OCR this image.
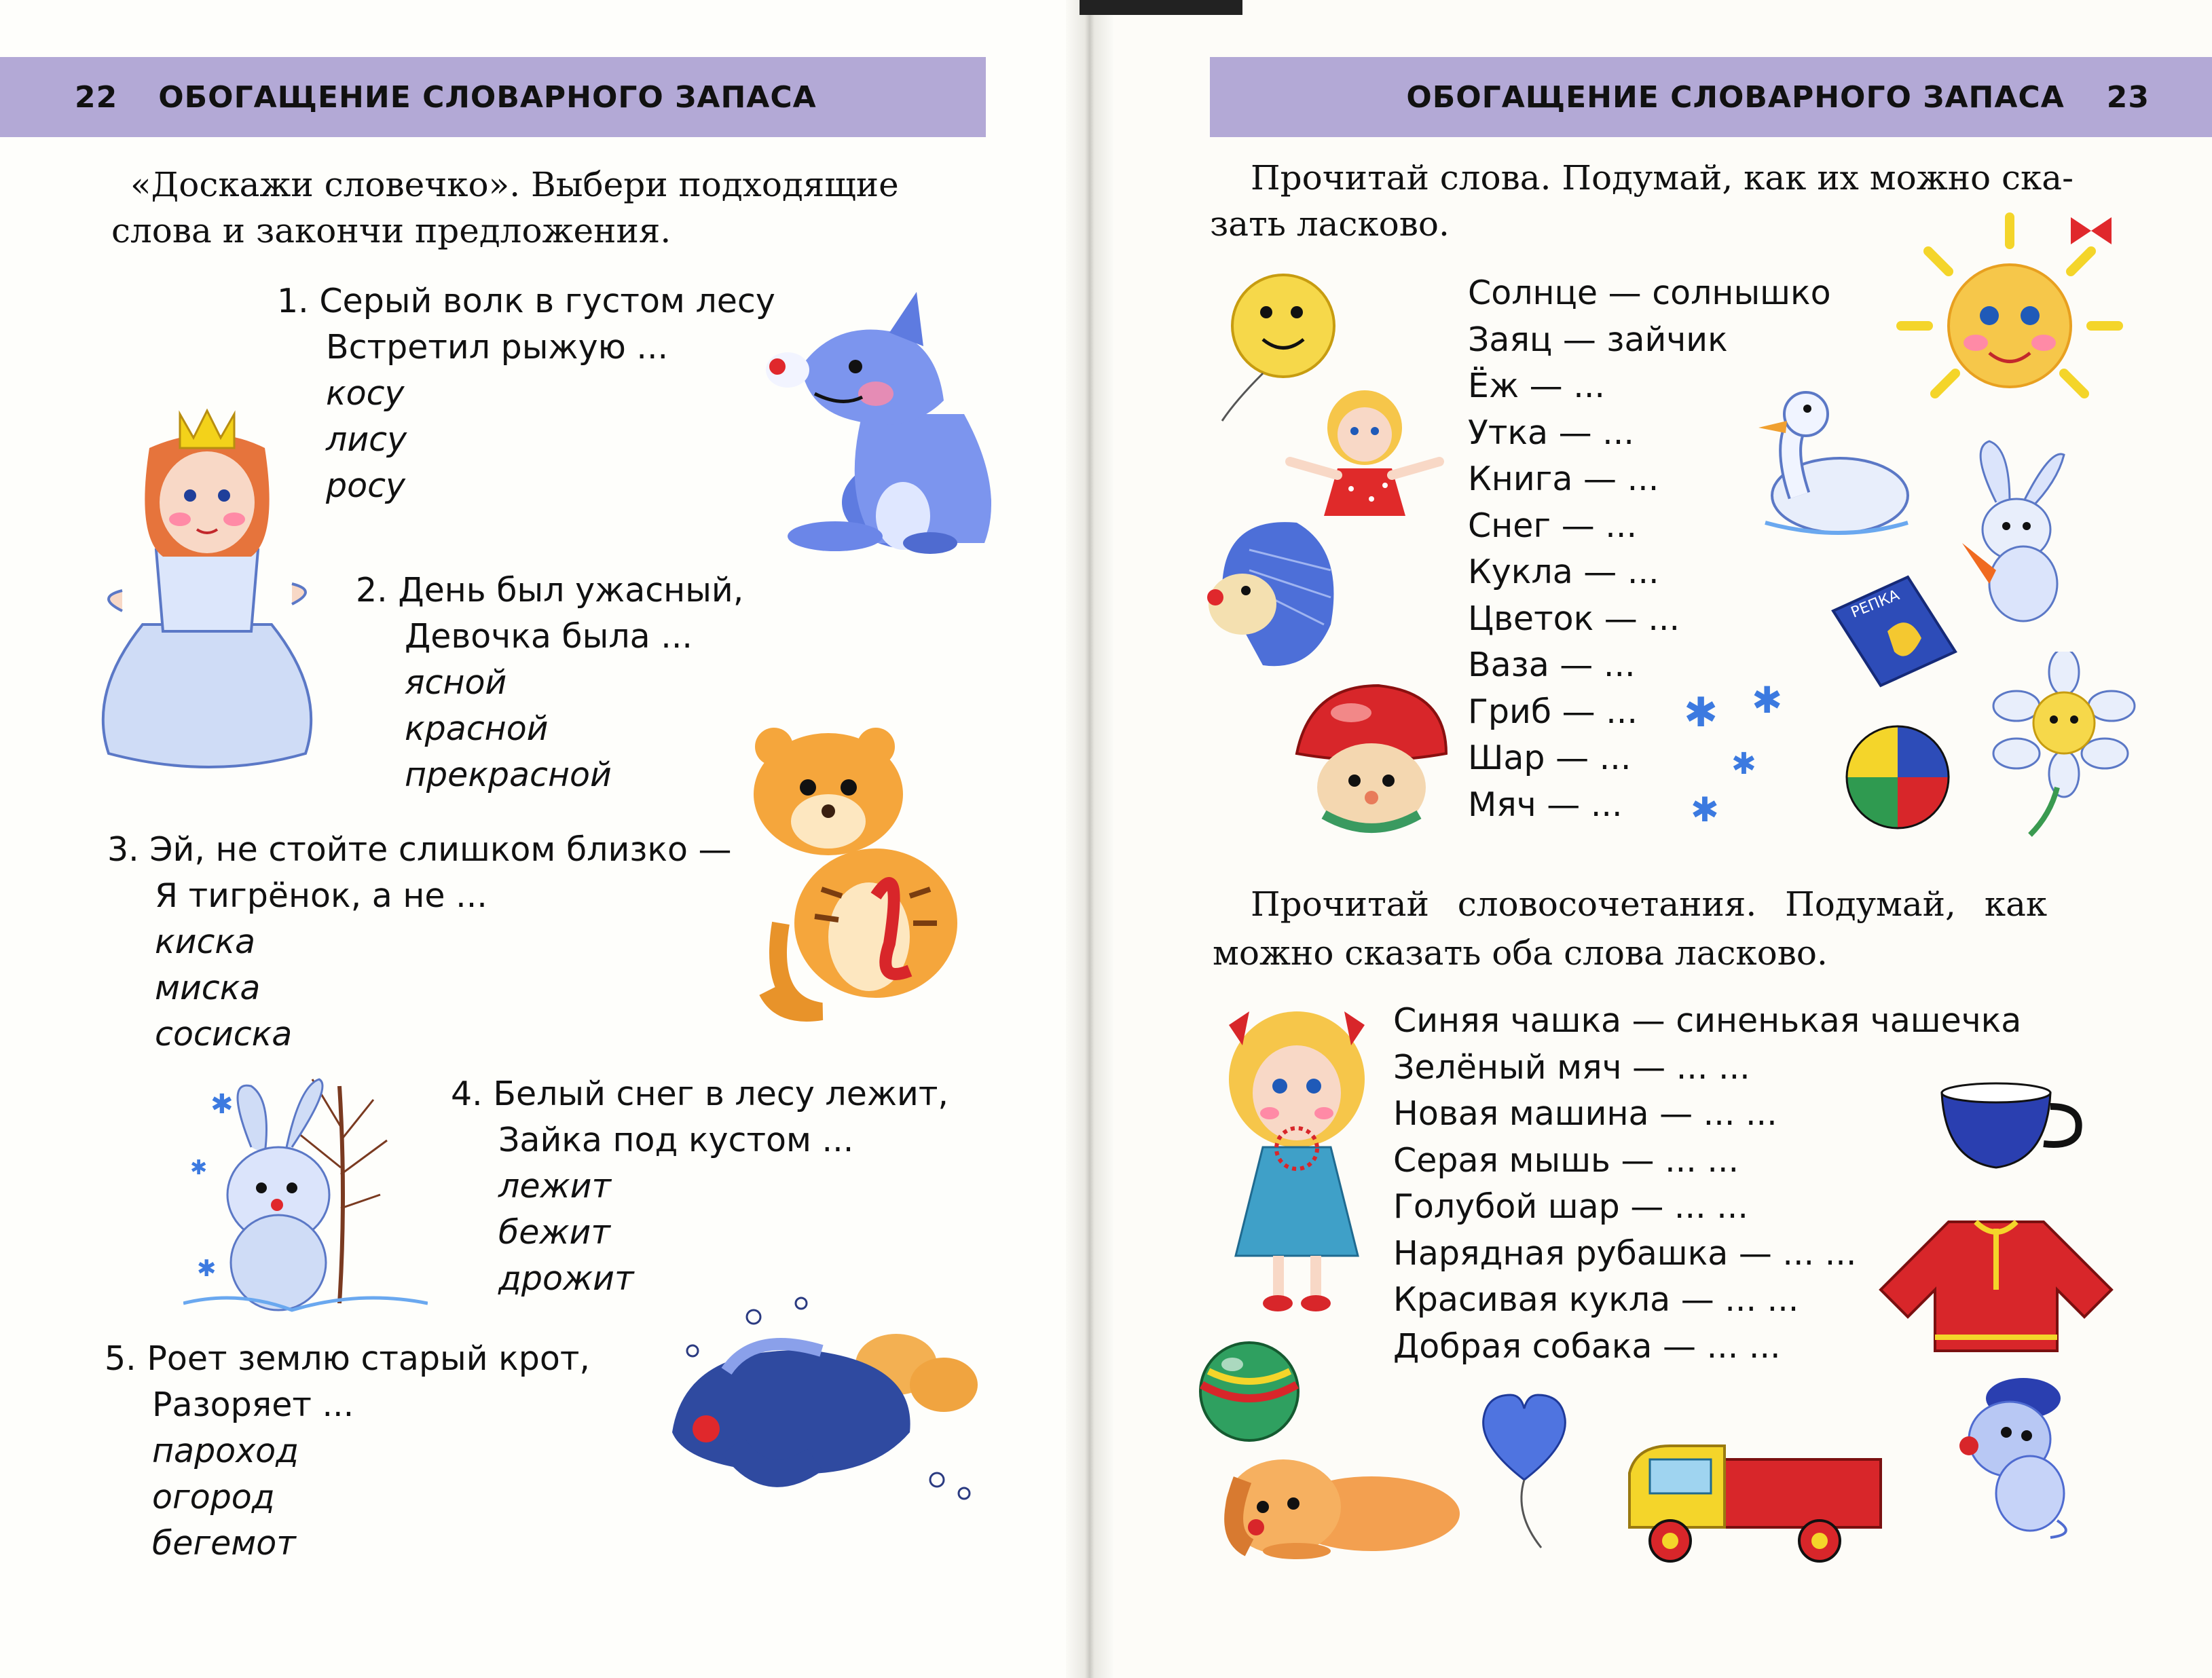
22 ОБОГАЩЕНИЕ СЛОВАРНОГО ЗАПАСА
«Доскажи словечко». Выбери подходящие
слова и закончи предложения.
1. Серый волк в густом лесу
Встретил рыжую ...
косу
лису
росу
2. День был ужасный,
Девочка была ...
ясной
красной
прекрасной
3. Эй, не стойте слишком близко —
Я тигрёнок, а не ...
киска
миска
сосиска
4. Белый снег в лесу лежит,
Зайка под кустом ...
лежит
бежит
дрожит
5. Роет землю старый крот,
Разоряет ...
пароход
огород
бегемот
✱
✱
✱
ОБОГАЩЕНИЕ СЛОВАРНОГО ЗАПАСА 23
Прочитай слова. Подумай, как их можно ска-
зать ласково.
Солнце — солнышко
Заяц — зайчик
Ёж — ...
Утка — ...
Книга — ...
Снег — ...
Кукла — ...
Цветок — ...
Ваза — ...
Гриб — ...
Шар — ...
Мяч — ...
Прочитай словосочетания. Подумай, как
можно сказать оба слова ласково.
Синяя чашка — синенькая чашечка
Зелёный мяч — ... ...
Новая машина — ... ...
Серая мышь — ... ...
Голубой шар — ... ...
Нарядная рубашка — ... ...
Красивая кукла — ... ...
Добрая собака — ... ...
РЕПКА
✱ ✱
✱
✱
